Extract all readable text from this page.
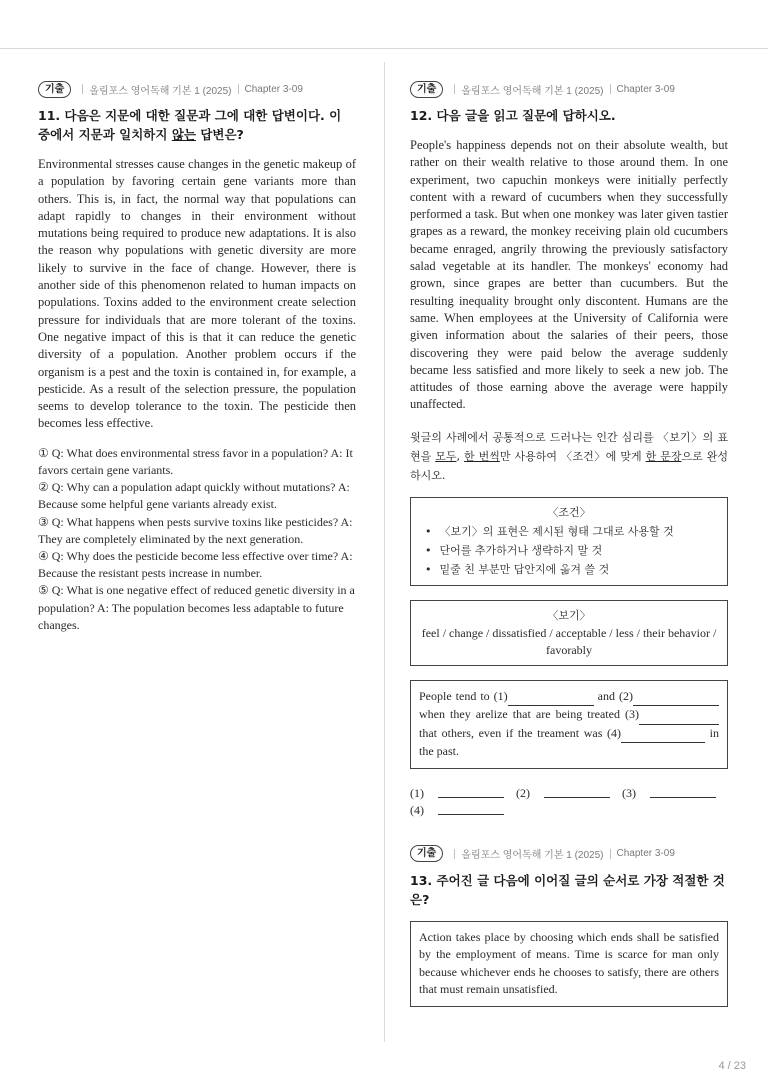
기출	올림포스 영어독해 기본 1 (2025) Chapter 3-09
11. 다음은 지문에 대한 질문과 그에 대한 답변이다. 이 중에서 지문과 일치하지 않는 답변은?

Environmental stresses cause changes in the genetic makeup of a population by favoring certain gene variants more than others. This is, in fact, the normal way that populations can adapt rapidly to changes in their environment without mutations being required to produce new adaptations. It is also the reason why populations with genetic diversity are more likely to survive in the face of change. However, there is another side of this phenomenon related to human impacts on populations. Toxins added to the environment create selection pressure for individuals that are more tolerant of the toxins. One negative impact of this is that it can reduce the genetic diversity of a population. Another problem occurs if the organism is a pest and the toxin is contained in, for example, a pesticide. As a result of the selection pressure, the population seems to develop tolerance to the toxin. The pesticide then becomes less effective.

① Q: What does environmental stress favor in a population? A: It favors certain gene variants.

② Q: Why can a population adapt quickly without mutations? A: Because some helpful gene variants already exist.

③ Q: What happens when pests survive toxins like pesticides? A: They are completely eliminated by the next generation.

④ Q: Why does the pesticide become less effective over time? A: Because the resistant pests increase in number.

⑤ Q: What is one negative effect of reduced genetic diversity in a population? A: The population becomes less adaptable to future changes.

기출	올림포스 영어독해 기본 1 (2025) Chapter 3-09
12. 다음 글을 읽고 질문에 답하시오.

People's happiness depends not on their absolute wealth, but rather on their wealth relative to those around them. In one experiment, two capuchin monkeys were initially perfectly content with a reward of cucumbers when they successfully performed a task. But when one monkey was later given tastier grapes as a reward, the monkey receiving plain old cucumbers became enraged, angrily throwing the previously satisfactory salad vegetable at its handler. The monkeys' economy had grown, since grapes are better than cucumbers. But the resulting inequality brought only discontent. Humans are the same. When employees at the University of California were given information about the salaries of their peers, those discovering they were paid below the average suddenly became less satisfied and more likely to seek a new job. The attitudes of those earning above the average were happily unaffected.

윗글의 사례에서 공통적으로 드러나는 인간 심리를 〈보기〉의 표현을 모두, 한 번씩만 사용하여 〈조건〉에 맞게 한 문장으로 완성하시오.
〈조건〉
• 〈보기〉의 표현은 제시된 형태 그대로 사용할 것
• 단어를 추가하거나 생략하지 말 것
• 밑줄 친 부분만 답안지에 옮겨 쓸 것
〈보기〉
feel / change / dissatisfied / acceptable / less / their behavior / favorably
People tend to (1)	and (2)  when they arelize that are being treated (3)  that others, even if the treament was (4)	in the past.
(1)	(2)	(3)
(4)
기출	올림포스 영어독해 기본 1 (2025) Chapter 3-09
13. 주어진 글 다음에 이어질 글의 순서로 가장 적절한 것은?
Action takes place by choosing which ends shall be satisfied by the employment of means. Time is scarce for man only because whichever ends he chooses to satisfy, there are others that must remain unsatisfied.
4 / 23
